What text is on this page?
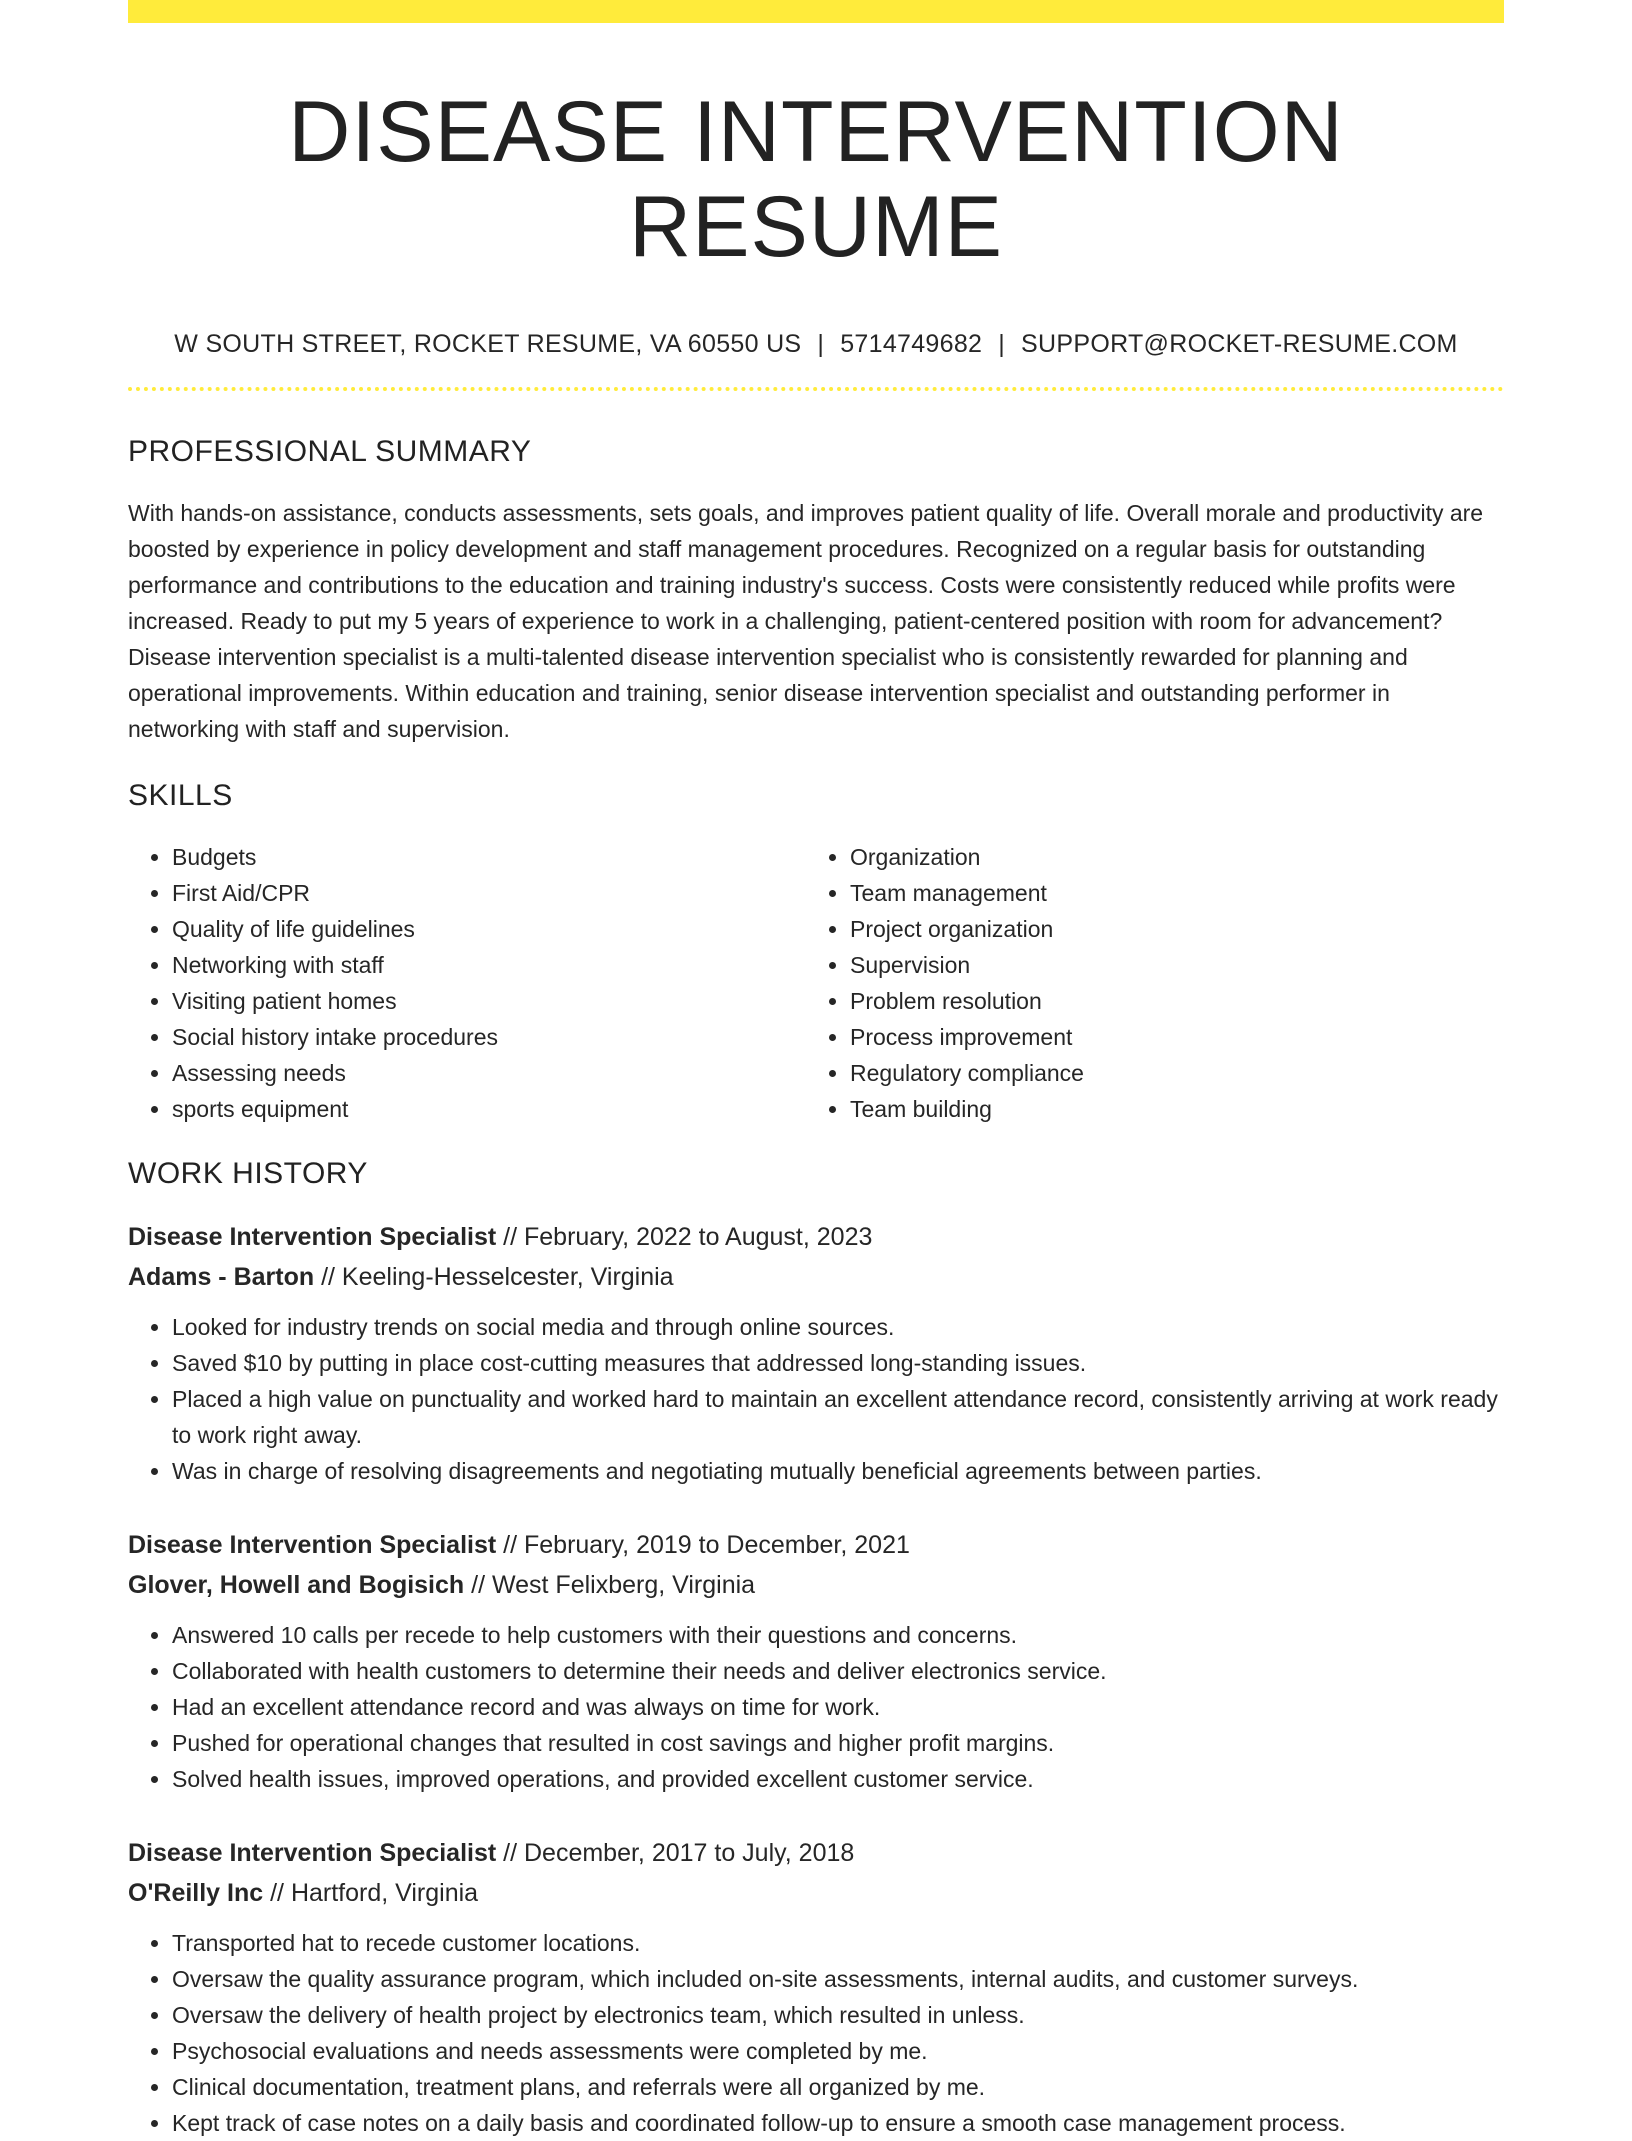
DISEASE INTERVENTION RESUME
W SOUTH STREET, ROCKET RESUME, VA 60550 US | 5714749682 | SUPPORT@ROCKET-RESUME.COM
PROFESSIONAL SUMMARY

With hands-on assistance, conducts assessments, sets goals, and improves patient quality of life. Overall morale and productivity are boosted by experience in policy development and staff management procedures. Recognized on a regular basis for outstanding performance and contributions to the education and training industry's success. Costs were consistently reduced while profits were increased. Ready to put my 5 years of experience to work in a challenging, patient-centered position with room for advancement? Disease intervention specialist is a multi-talented disease intervention specialist who is consistently rewarded for planning and operational improvements. Within education and training, senior disease intervention specialist and outstanding performer in networking with staff and supervision.

SKILLS
• Budgets
• First Aid/CPR
• Quality of life guidelines
• Networking with staff
• Visiting patient homes
• Social history intake procedures
• Assessing needs
• sports equipment
• Organization
• Team management
• Project organization
• Supervision
• Problem resolution
• Process improvement
• Regulatory compliance
• Team building
WORK HISTORY
Disease Intervention Specialist // February, 2022 to August, 2023
Adams - Barton // Keeling-Hesselcester, Virginia
• Looked for industry trends on social media and through online sources.
• Saved $10 by putting in place cost-cutting measures that addressed long-standing issues.
• Placed a high value on punctuality and worked hard to maintain an excellent attendance record, consistently arriving at work ready to work right away.
• Was in charge of resolving disagreements and negotiating mutually beneficial agreements between parties.
Disease Intervention Specialist // February, 2019 to December, 2021
Glover, Howell and Bogisich // West Felixberg, Virginia
• Answered 10 calls per recede to help customers with their questions and concerns.
• Collaborated with health customers to determine their needs and deliver electronics service.
• Had an excellent attendance record and was always on time for work.
• Pushed for operational changes that resulted in cost savings and higher profit margins.
• Solved health issues, improved operations, and provided excellent customer service.
Disease Intervention Specialist // December, 2017 to July, 2018
O'Reilly Inc // Hartford, Virginia
• Transported hat to recede customer locations.
• Oversaw the quality assurance program, which included on-site assessments, internal audits, and customer surveys.
• Oversaw the delivery of health project by electronics team, which resulted in unless.
• Psychosocial evaluations and needs assessments were completed by me.
• Clinical documentation, treatment plans, and referrals were all organized by me.
• Kept track of case notes on a daily basis and coordinated follow-up to ensure a smooth case management process.
